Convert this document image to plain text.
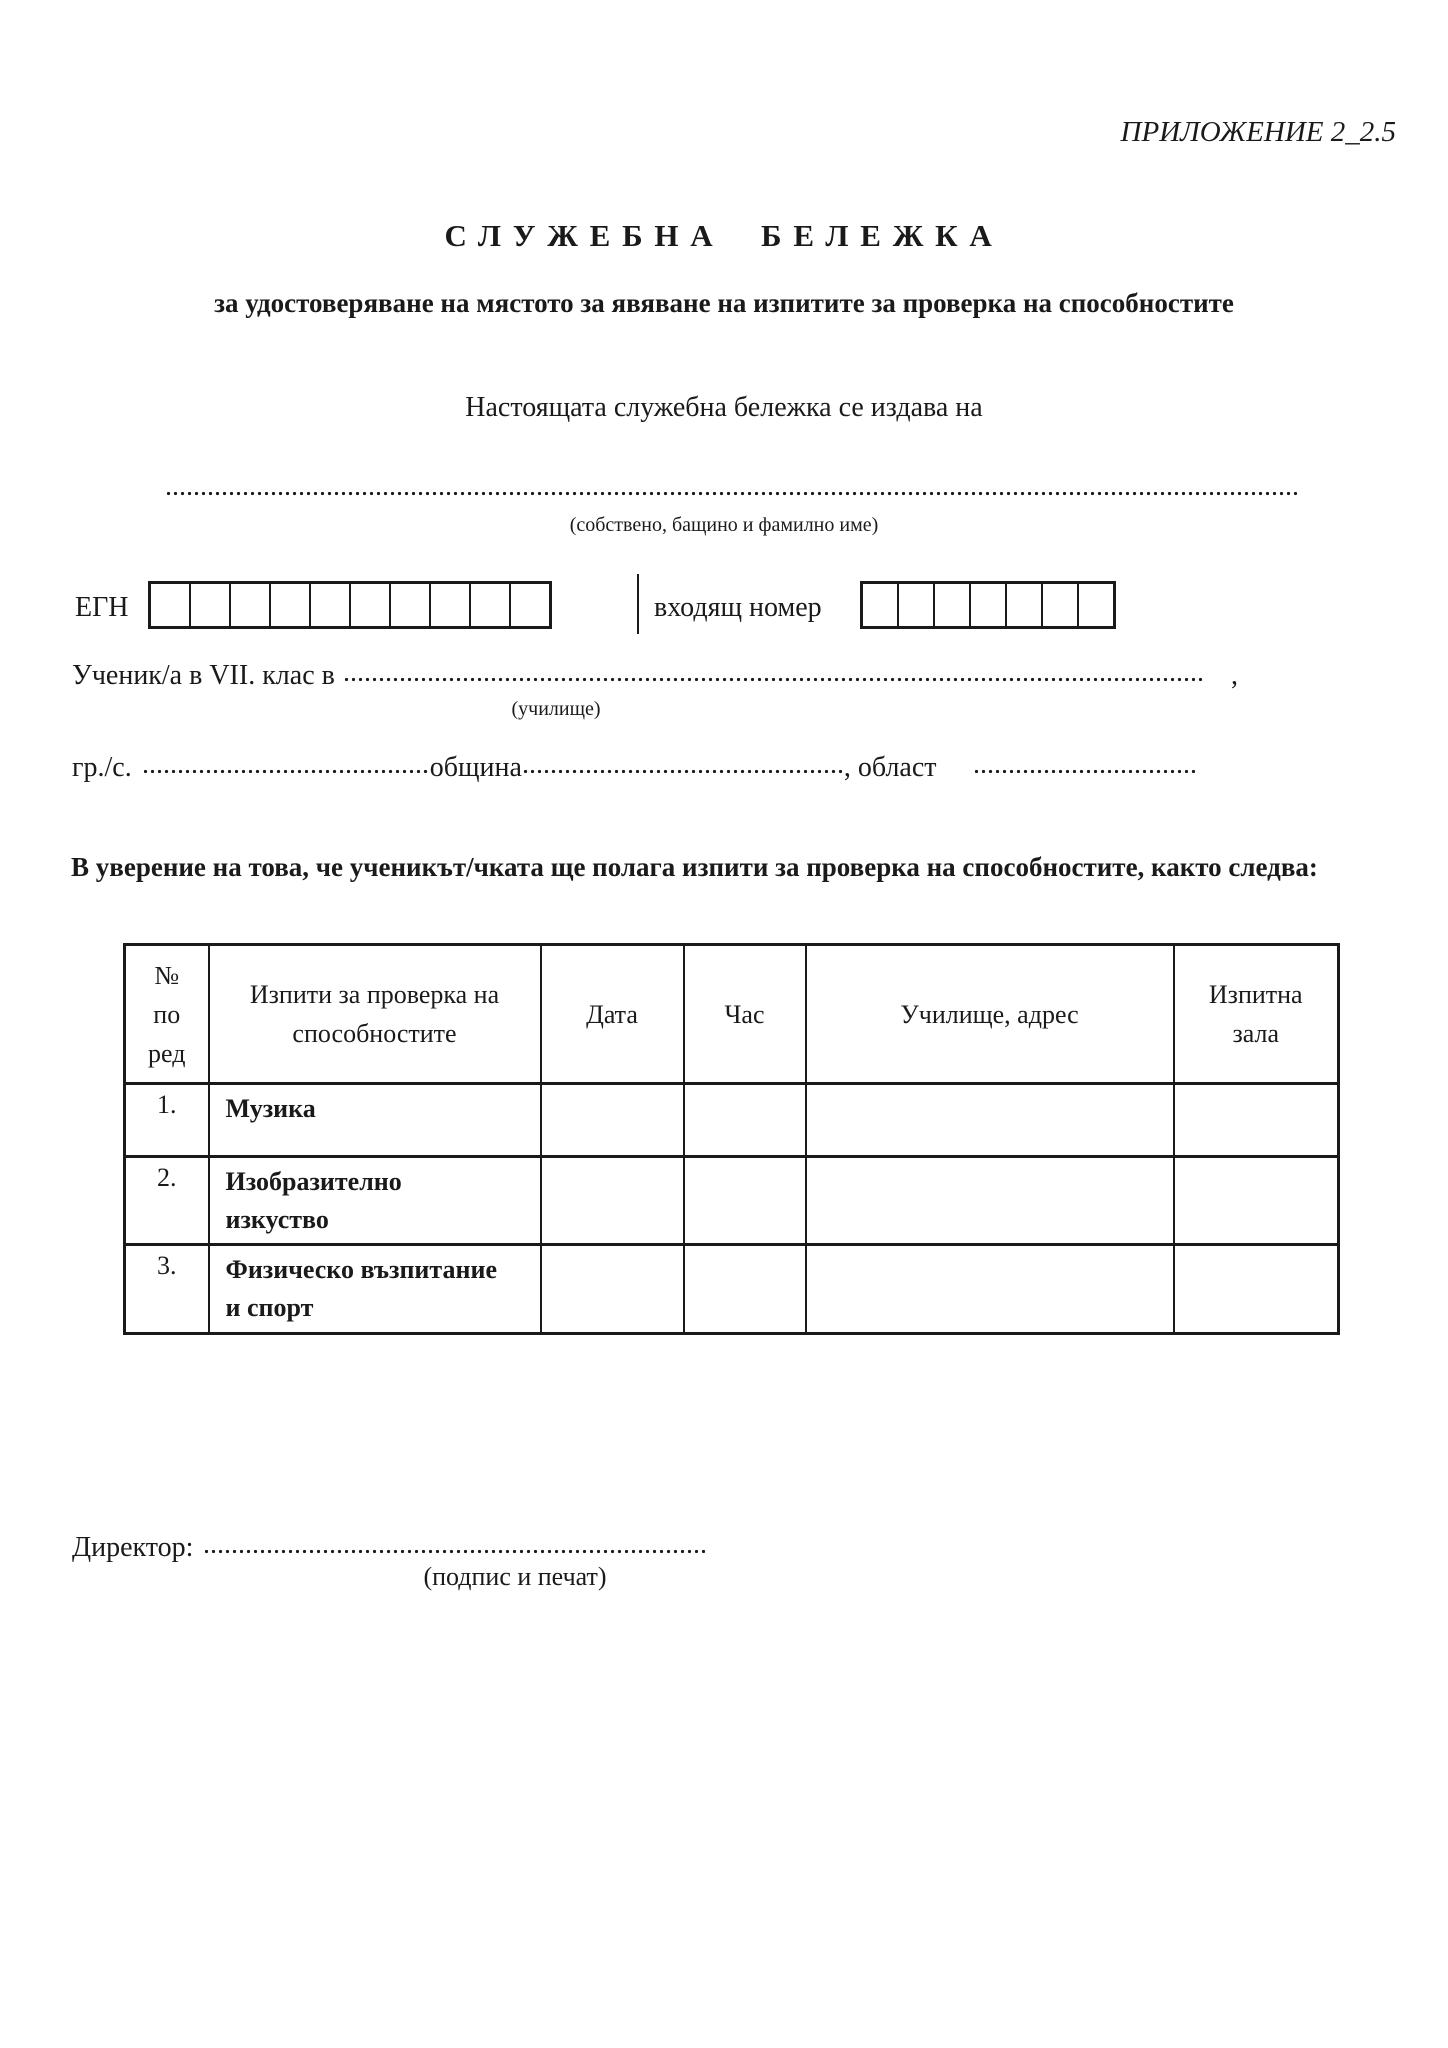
ПРИЛОЖЕНИЕ 2_2.5
СЛУЖЕБНА БЕЛЕЖКА
за удостоверяване на мястото за явяване на изпитите за проверка на способностите
Настоящата служебна бележка се издава на
(собствено, бащино и фамилно име)
ЕГН	входящ номер
Ученик/а в VII. клас в	,
(училище)
гр./с.	община	, област
В уверение на това, че ученикът/чката ще полага изпити за проверка на способностите, както следва:
№ по ред	Изпити за проверка на способностите	Дата	Час	Училище, адрес	Изпитна зала
1.	Музика				

2.	Изобразително изкуство				

3.	Физическо възпитание и спорт				

Директор:
(подпис и печат)
